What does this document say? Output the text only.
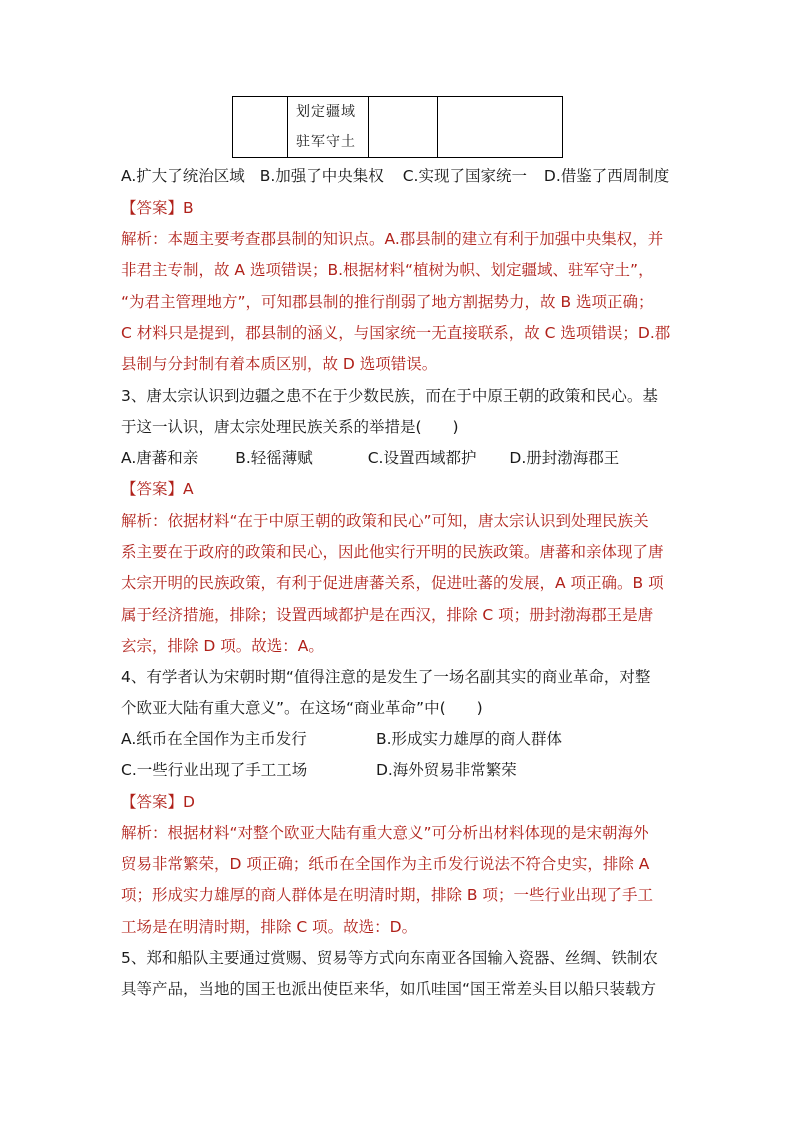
划定疆域
驻军守土

A.扩大了统治区域 B.加强了中央集权 C.实现了国家统一 D.借鉴了西周制度
【答案】B
解析：本题主要考查郡县制的知识点。A.郡县制的建立有利于加强中央集权，并
非君主专制，故 A 选项错误；B.根据材料“植树为帜、划定疆域、驻军守土”，
“为君主管理地方”，可知郡县制的推行削弱了地方割据势力，故 B 选项正确；
C 材料只是提到，郡县制的涵义，与国家统一无直接联系，故 C 选项错误；D.郡
县制与分封制有着本质区别，故 D 选项错误。
3、唐太宗认识到边疆之患不在于少数民族，而在于中原王朝的政策和民心。基
于这一认识，唐太宗处理民族关系的举措是(　　)
A.唐蕃和亲 B.轻徭薄赋	C.设置西域都护 D.册封渤海郡王
【答案】A
解析：依据材料“在于中原王朝的政策和民心”可知，唐太宗认识到处理民族关
系主要在于政府的政策和民心，因此他实行开明的民族政策。唐蕃和亲体现了唐
太宗开明的民族政策，有利于促进唐蕃关系，促进吐蕃的发展，A 项正确。B 项
属于经济措施，排除；设置西域都护是在西汉，排除 C 项；册封渤海郡王是唐
玄宗，排除 D 项。故选：A。
4、有学者认为宋朝时期“值得注意的是发生了一场名副其实的商业革命，对整
个欧亚大陆有重大意义”。在这场“商业革命”中(　　)
A.纸币在全国作为主币发行	B.形成实力雄厚的商人群体
C.一些行业出现了手工工场	D.海外贸易非常繁荣
【答案】D
解析：根据材料“对整个欧亚大陆有重大意义”可分析出材料体现的是宋朝海外
贸易非常繁荣，D 项正确；纸币在全国作为主币发行说法不符合史实，排除 A
项；形成实力雄厚的商人群体是在明清时期，排除 B 项；一些行业出现了手工
工场是在明清时期，排除 C 项。故选：D。
5、郑和船队主要通过赏赐、贸易等方式向东南亚各国输入瓷器、丝绸、铁制农
具等产品，当地的国王也派出使臣来华，如爪哇国“国王常差头目以船只装载方
